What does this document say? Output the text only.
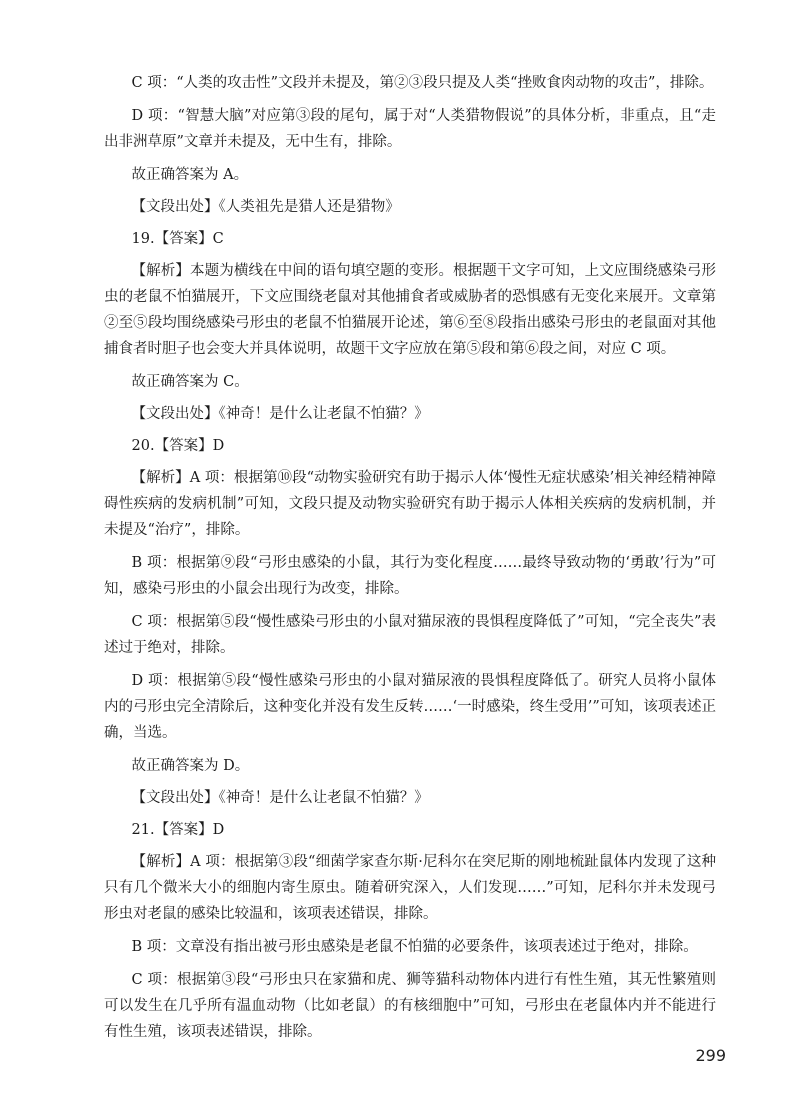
C 项：“人类的攻击性”文段并未提及，第②③段只提及人类“挫败食肉动物的攻击”，排除。

D 项：“智慧大脑”对应第③段的尾句，属于对“人类猎物假说”的具体分析，非重点，且“走出非洲草原”文章并未提及，无中生有，排除。

故正确答案为 A。

【文段出处】《人类祖先是猎人还是猎物》

19.【答案】C

【解析】本题为横线在中间的语句填空题的变形。根据题干文字可知，上文应围绕感染弓形虫的老鼠不怕猫展开，下文应围绕老鼠对其他捕食者或威胁者的恐惧感有无变化来展开。文章第②至⑤段均围绕感染弓形虫的老鼠不怕猫展开论述，第⑥至⑧段指出感染弓形虫的老鼠面对其他捕食者时胆子也会变大并具体说明，故题干文字应放在第⑤段和第⑥段之间，对应 C 项。

故正确答案为 C。

【文段出处】《神奇！是什么让老鼠不怕猫？》

20.【答案】D

【解析】A 项：根据第⑩段“动物实验研究有助于揭示人体‘慢性无症状感染’相关神经精神障碍性疾病的发病机制”可知，文段只提及动物实验研究有助于揭示人体相关疾病的发病机制，并未提及“治疗”，排除。

B 项：根据第⑨段“弓形虫感染的小鼠，其行为变化程度……最终导致动物的‘勇敢’行为”可知，感染弓形虫的小鼠会出现行为改变，排除。

C 项：根据第⑤段“慢性感染弓形虫的小鼠对猫尿液的畏惧程度降低了”可知，“完全丧失”表述过于绝对，排除。

D 项：根据第⑤段“慢性感染弓形虫的小鼠对猫尿液的畏惧程度降低了。研究人员将小鼠体内的弓形虫完全清除后，这种变化并没有发生反转……‘一时感染，终生受用’”可知，该项表述正确，当选。

故正确答案为 D。

【文段出处】《神奇！是什么让老鼠不怕猫？》

21.【答案】D

【解析】A 项：根据第③段“细菌学家查尔斯·尼科尔在突尼斯的刚地梳趾鼠体内发现了这种只有几个微米大小的细胞内寄生原虫。随着研究深入，人们发现……”可知，尼科尔并未发现弓形虫对老鼠的感染比较温和，该项表述错误，排除。

B 项：文章没有指出被弓形虫感染是老鼠不怕猫的必要条件，该项表述过于绝对，排除。

C 项：根据第③段“弓形虫只在家猫和虎、狮等猫科动物体内进行有性生殖，其无性繁殖则可以发生在几乎所有温血动物（比如老鼠）的有核细胞中”可知，弓形虫在老鼠体内并不能进行有性生殖，该项表述错误，排除。

299
